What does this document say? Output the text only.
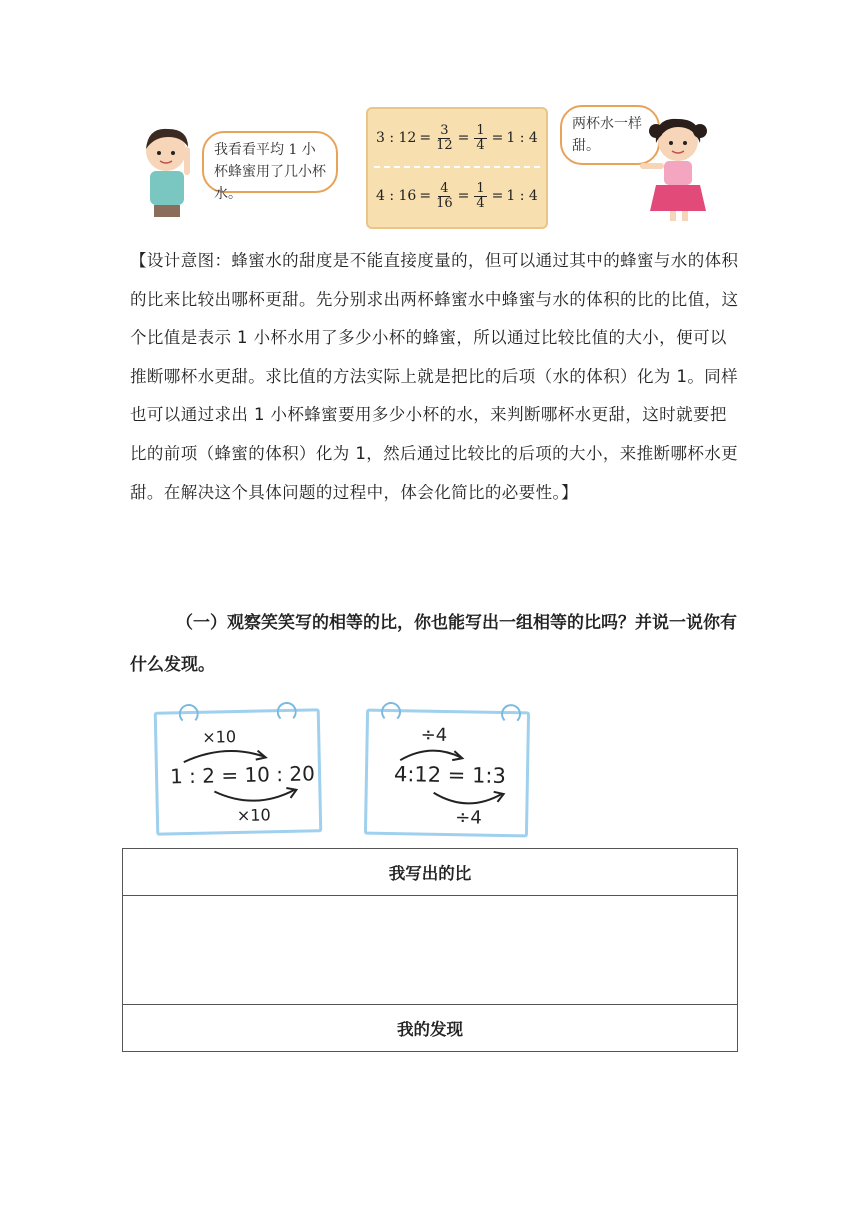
我看看平均 1 小杯蜂蜜用了几小杯水。
3 : $12 = \frac{3}{12} = \frac{1}{4} = 1$ : 4
4 : $16 = \frac{4}{16} = \frac{1}{4} = 1$ : 4
两杯水一样甜。
【设计意图：蜂蜜水的甜度是不能直接度量的，但可以通过其中的蜂蜜与水的体积的比来比较出哪杯更甜。先分别求出两杯蜂蜜水中蜂蜜与水的体积的比的比值，这个比值是表示 1 小杯水用了多少小杯的蜂蜜，所以通过比较比值的大小，便可以推断哪杯水更甜。求比值的方法实际上就是把比的后项（水的体积）化为 1。同样也可以通过求出 1 小杯蜂蜜要用多少小杯的水，来判断哪杯水更甜，这时就要把比的前项（蜂蜜的体积）化为 1，然后通过比较比的后项的大小，来推断哪杯水更甜。在解决这个具体问题的过程中，体会化简比的必要性。】
（一）观察笑笑写的相等的比，你也能写出一组相等的比吗？并说一说你有什么发现。
×10
1 : 2 = 10 : 20
×10
÷4
4:12 = 1:3
÷4
我写出的比

我的发现
